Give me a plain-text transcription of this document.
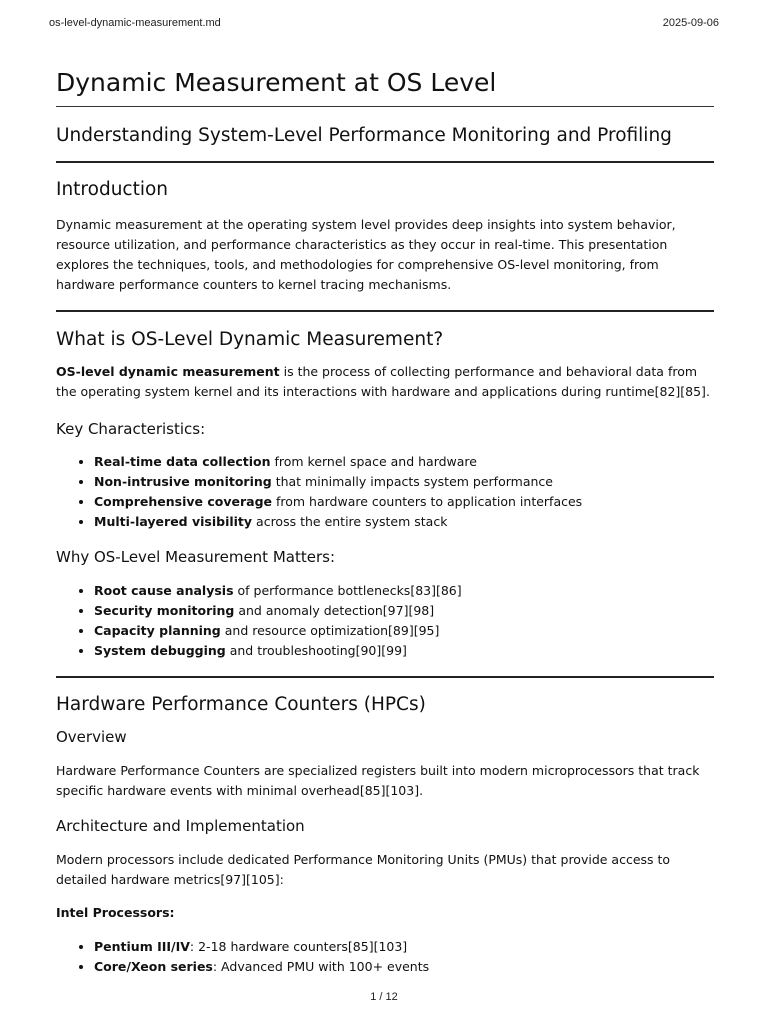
os-level-dynamic-measurement.md	2025-09-06
Dynamic Measurement at OS Level
Understanding System-Level Performance Monitoring and Profiling
Introduction

Dynamic measurement at the operating system level provides deep insights into system behavior, resource utilization, and performance characteristics as they occur in real-time. This presentation explores the techniques, tools, and methodologies for comprehensive OS-level monitoring, from hardware performance counters to kernel tracing mechanisms.

What is OS-Level Dynamic Measurement?

OS-level dynamic measurement is the process of collecting performance and behavioral data from the operating system kernel and its interactions with hardware and applications during runtime[82][85].

Key Characteristics:
• Real-time data collection from kernel space and hardware
• Non-intrusive monitoring that minimally impacts system performance
• Comprehensive coverage from hardware counters to application interfaces
• Multi-layered visibility across the entire system stack
Why OS-Level Measurement Matters:
• Root cause analysis of performance bottlenecks[83][86]
• Security monitoring and anomaly detection[97][98]
• Capacity planning and resource optimization[89][95]
• System debugging and troubleshooting[90][99]
Hardware Performance Counters (HPCs)
Overview

Hardware Performance Counters are specialized registers built into modern microprocessors that track specific hardware events with minimal overhead[85][103].

Architecture and Implementation

Modern processors include dedicated Performance Monitoring Units (PMUs) that provide access to detailed hardware metrics[97][105]:

Intel Processors:

• Pentium III/IV: 2-18 hardware counters[85][103]
• Core/Xeon series: Advanced PMU with 100+ events
1 / 12
